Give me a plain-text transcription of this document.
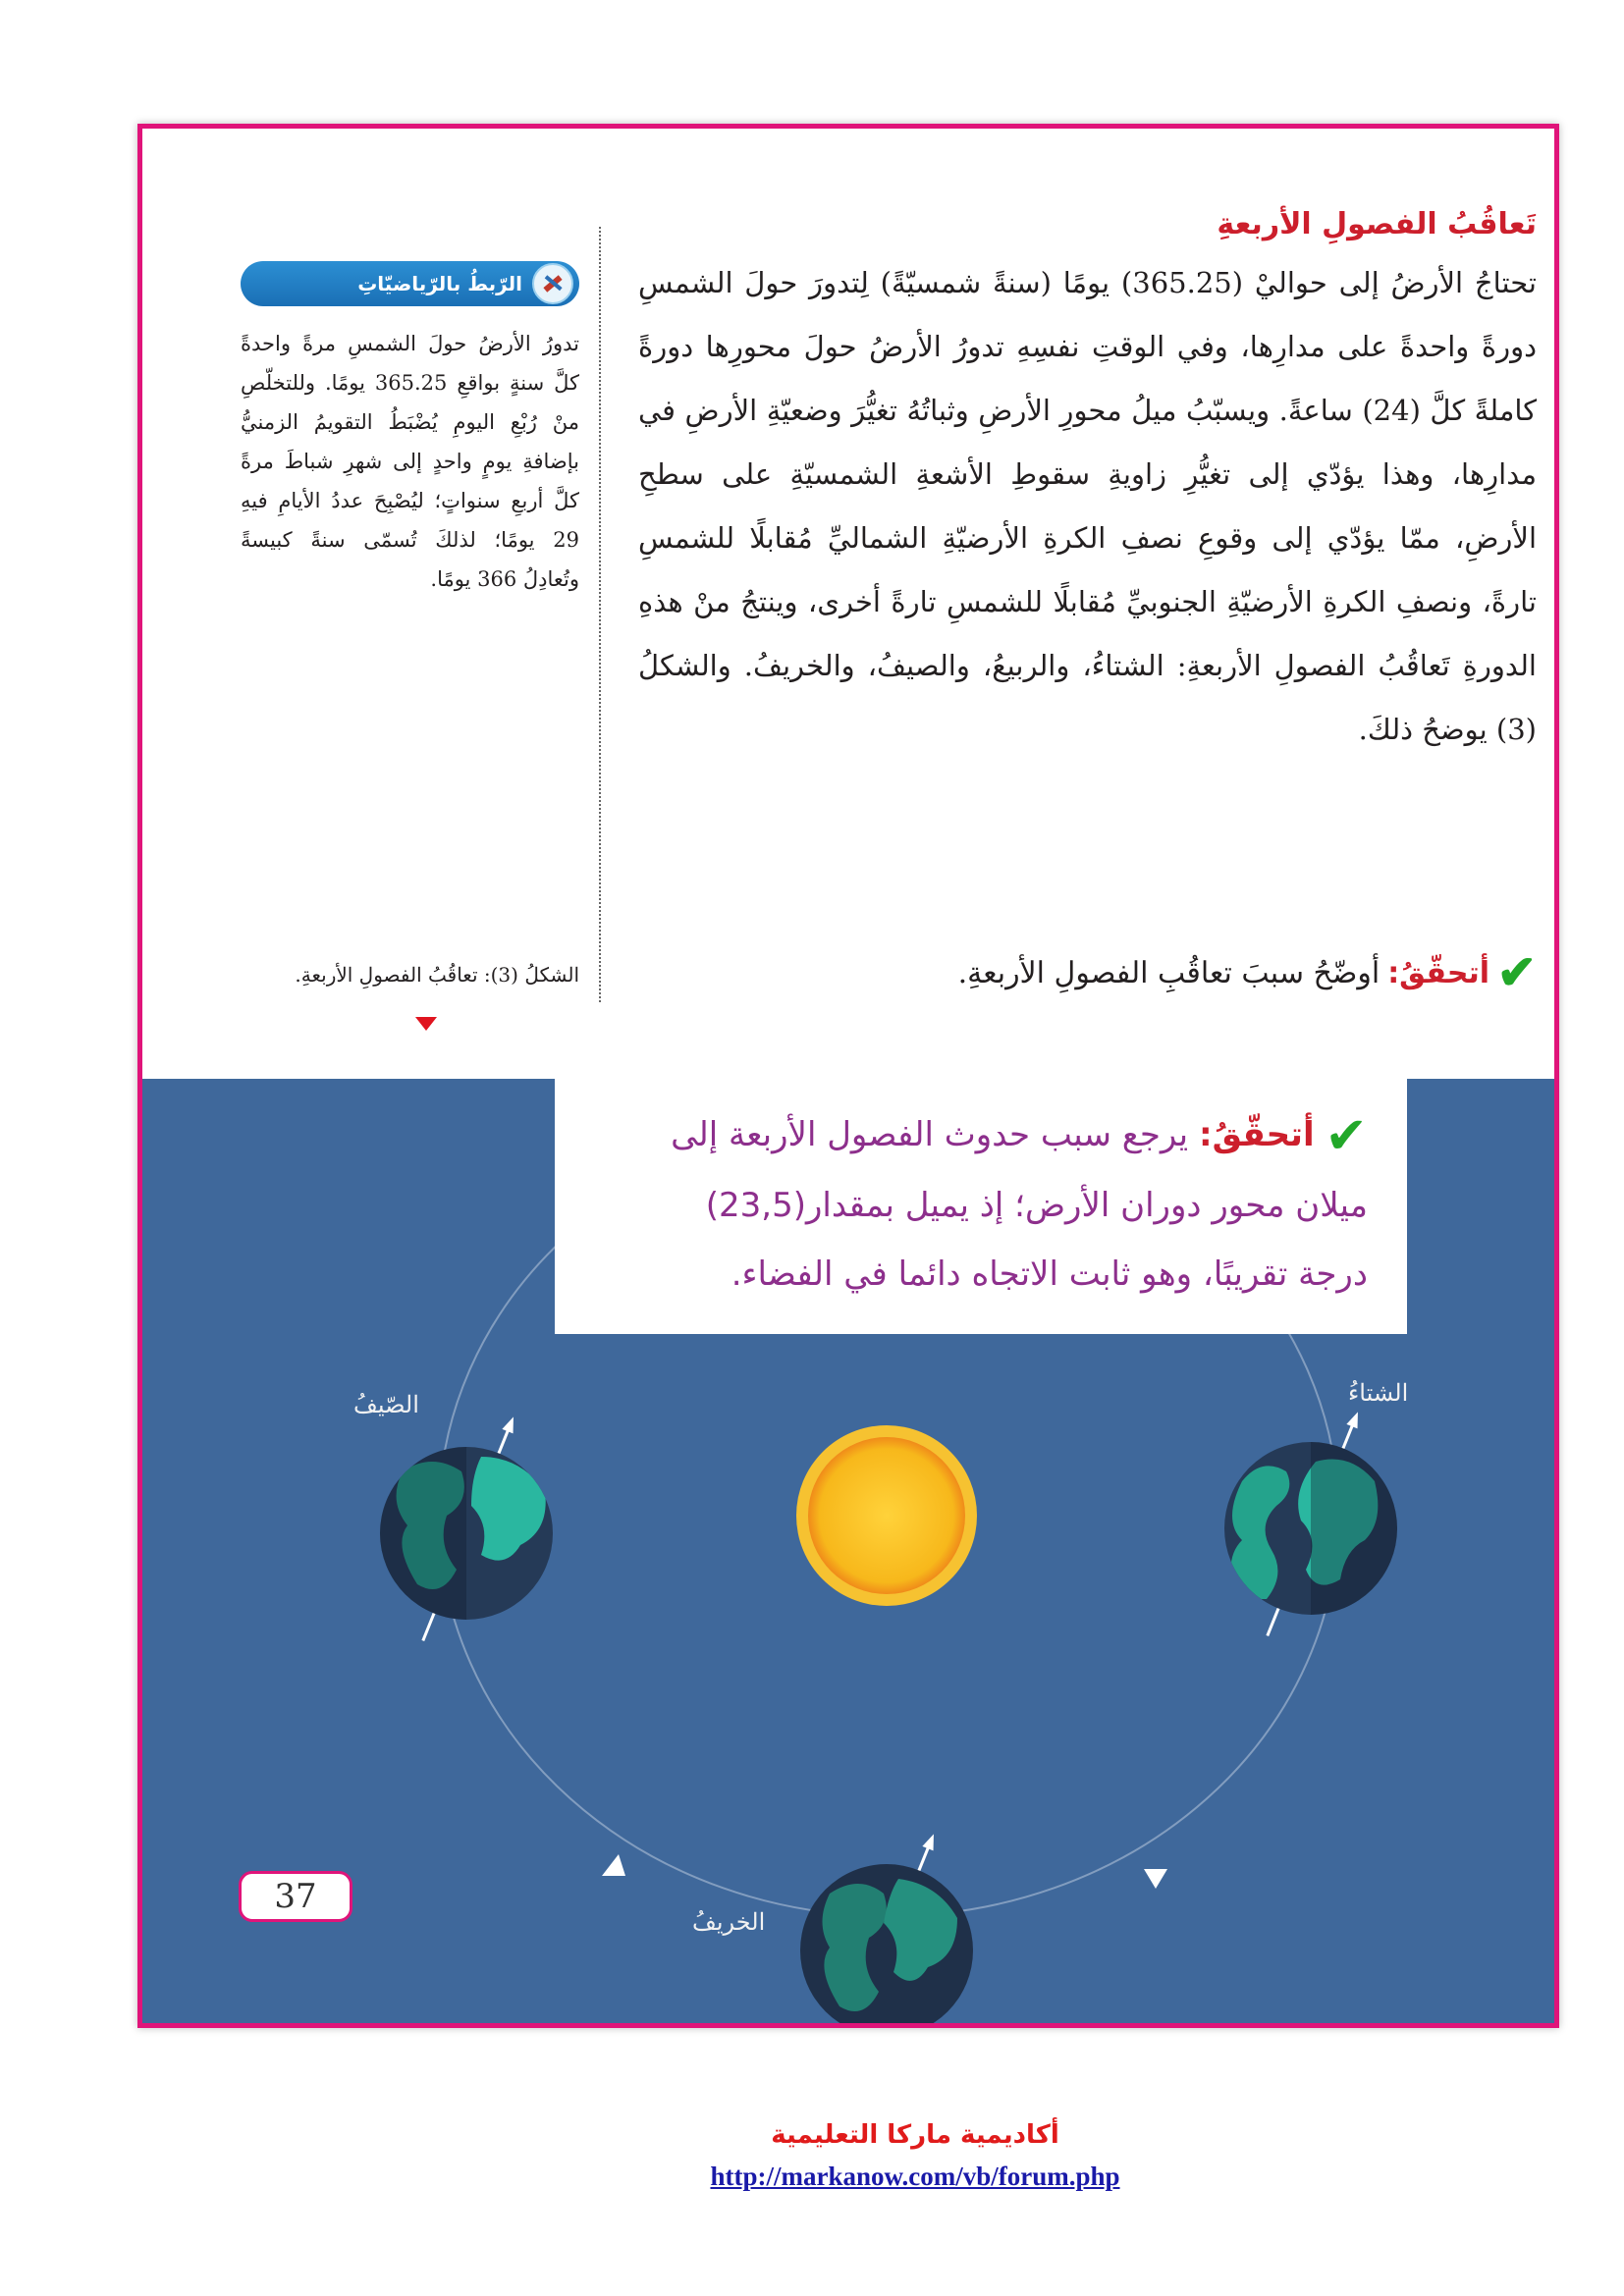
تَعاقُبُ الفصولِ الأربعةِ

تحتاجُ الأرضُ إلى حواليْ (365.25) يومًا (سنةً شمسيّةً) لِتدورَ حولَ الشمسِ دورةً واحدةً على مدارِها، وفي الوقتِ نفسِهِ تدورُ الأرضُ حولَ محورِها دورةً كاملةً كلَّ (24) ساعةً. ويسبّبُ ميلُ محورِ الأرضِ وثباتُهُ تغيُّرَ وضعيّةِ الأرضِ في مدارِها، وهذا يؤدّي إلى تغيُّرِ زاويةِ سقوطِ الأشعةِ الشمسيّةِ على سطحِ الأرضِ، ممّا يؤدّي إلى وقوعِ نصفِ الكرةِ الأرضيّةِ الشماليِّ مُقابلًا للشمسِ تارةً، ونصفِ الكرةِ الأرضيّةِ الجنوبيِّ مُقابلًا للشمسِ تارةً أخرى، وينتجُ منْ هذهِ الدورةِ تَعاقُبُ الفصولِ الأربعةِ: الشتاءُ، والربيعُ، والصيفُ، والخريفُ. والشكلُ (3) يوضحُ ذلكَ.

✔
أتحقّقُ:
أوضّحُ سببَ تعاقُبِ الفصولِ الأربعةِ.
الرّبطُ بالرّياضيّاتِ
تدورُ الأرضُ حولَ الشمسِ مرةً واحدةً كلَّ سنةٍ بواقعِ 365.25 يومًا. وللتخلّصِ منْ رُبْعِ اليومِ يُضْبَطُ التقويمُ الزمنيُّ بإضافةِ يومٍ واحدٍ إلى شهرِ شباطَ مرةً كلَّ أربعِ سنواتٍ؛ ليُصْبِحَ عددُ الأيامِ فيهِ 29 يومًا؛ لذلكَ تُسمّى سنةً كبيسةً وتُعادِلُ 366 يومًا.
الشكلُ (3): تعاقُبُ الفصولِ الأربعةِ.
الصّيفُ	الشتاءُ
الخريفُ
✔ أتحقّقُ: يرجع سبب حدوث الفصول الأربعة إلى
ميلان محور دوران الأرض؛ إذ يميل بمقدار(23,5)
درجة تقريبًا، وهو ثابت الاتجاه دائما في الفضاء.
37
أكاديمية ماركا التعليمية
http://markanow.com/vb/forum.php
